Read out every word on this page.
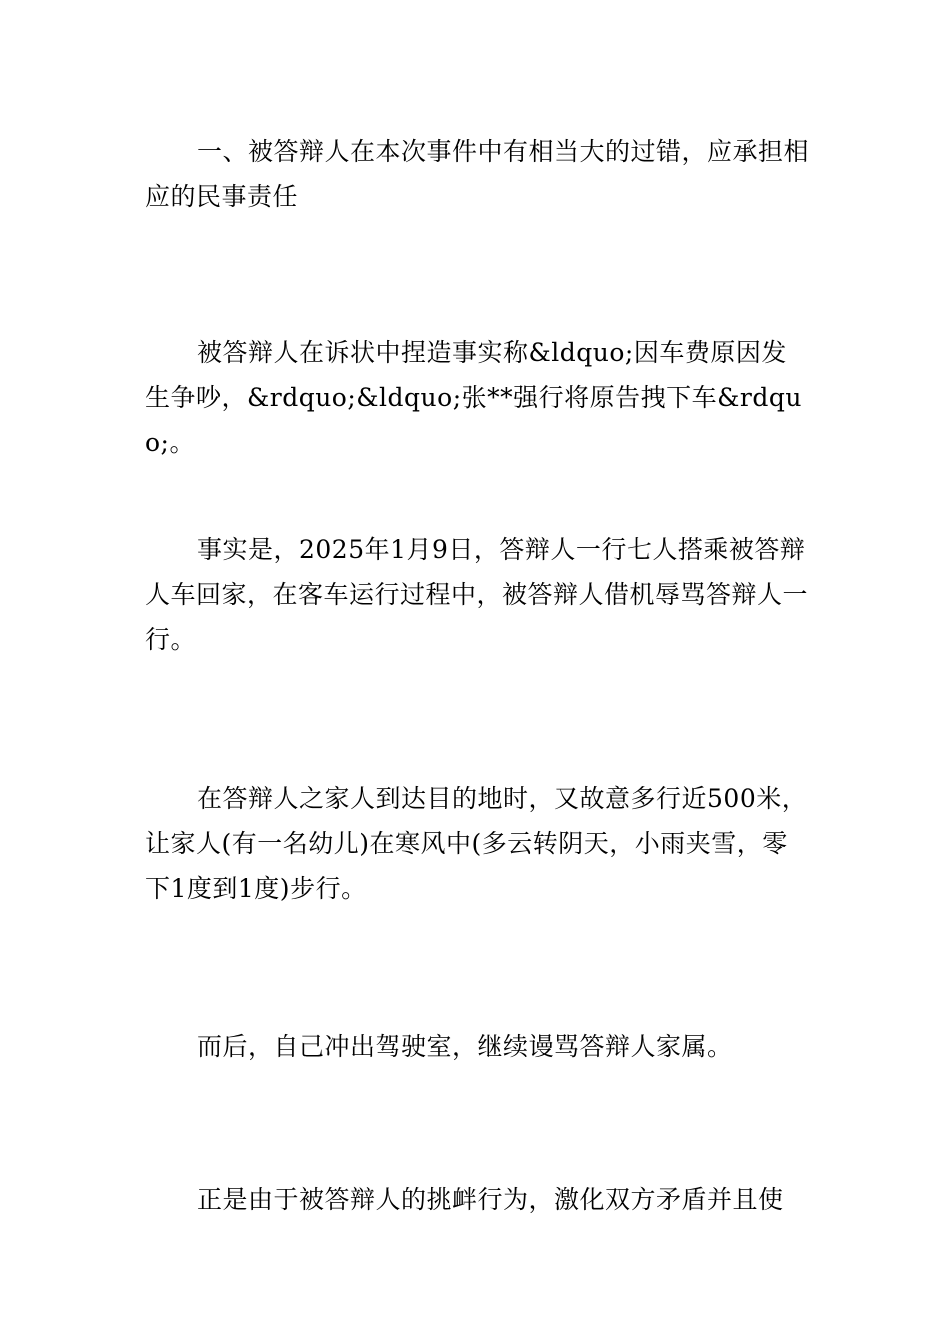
一、被答辩人在本次事件中有相当大的过错，应承担相应的民事责任

被答辩人在诉状中捏造事实称&ldquo;因车费原因发生争吵，&rdquo;&ldquo;张**强行将原告拽下车&rdquo;。

事实是，2025年1月9日，答辩人一行七人搭乘被答辩人车回家，在客车运行过程中，被答辩人借机辱骂答辩人一行。

在答辩人之家人到达目的地时，又故意多行近500米，让家人(有一名幼儿)在寒风中(多云转阴天，小雨夹雪，零下1度到1度)步行。

而后，自己冲出驾驶室，继续谩骂答辩人家属。

正是由于被答辩人的挑衅行为，激化双方矛盾并且使
